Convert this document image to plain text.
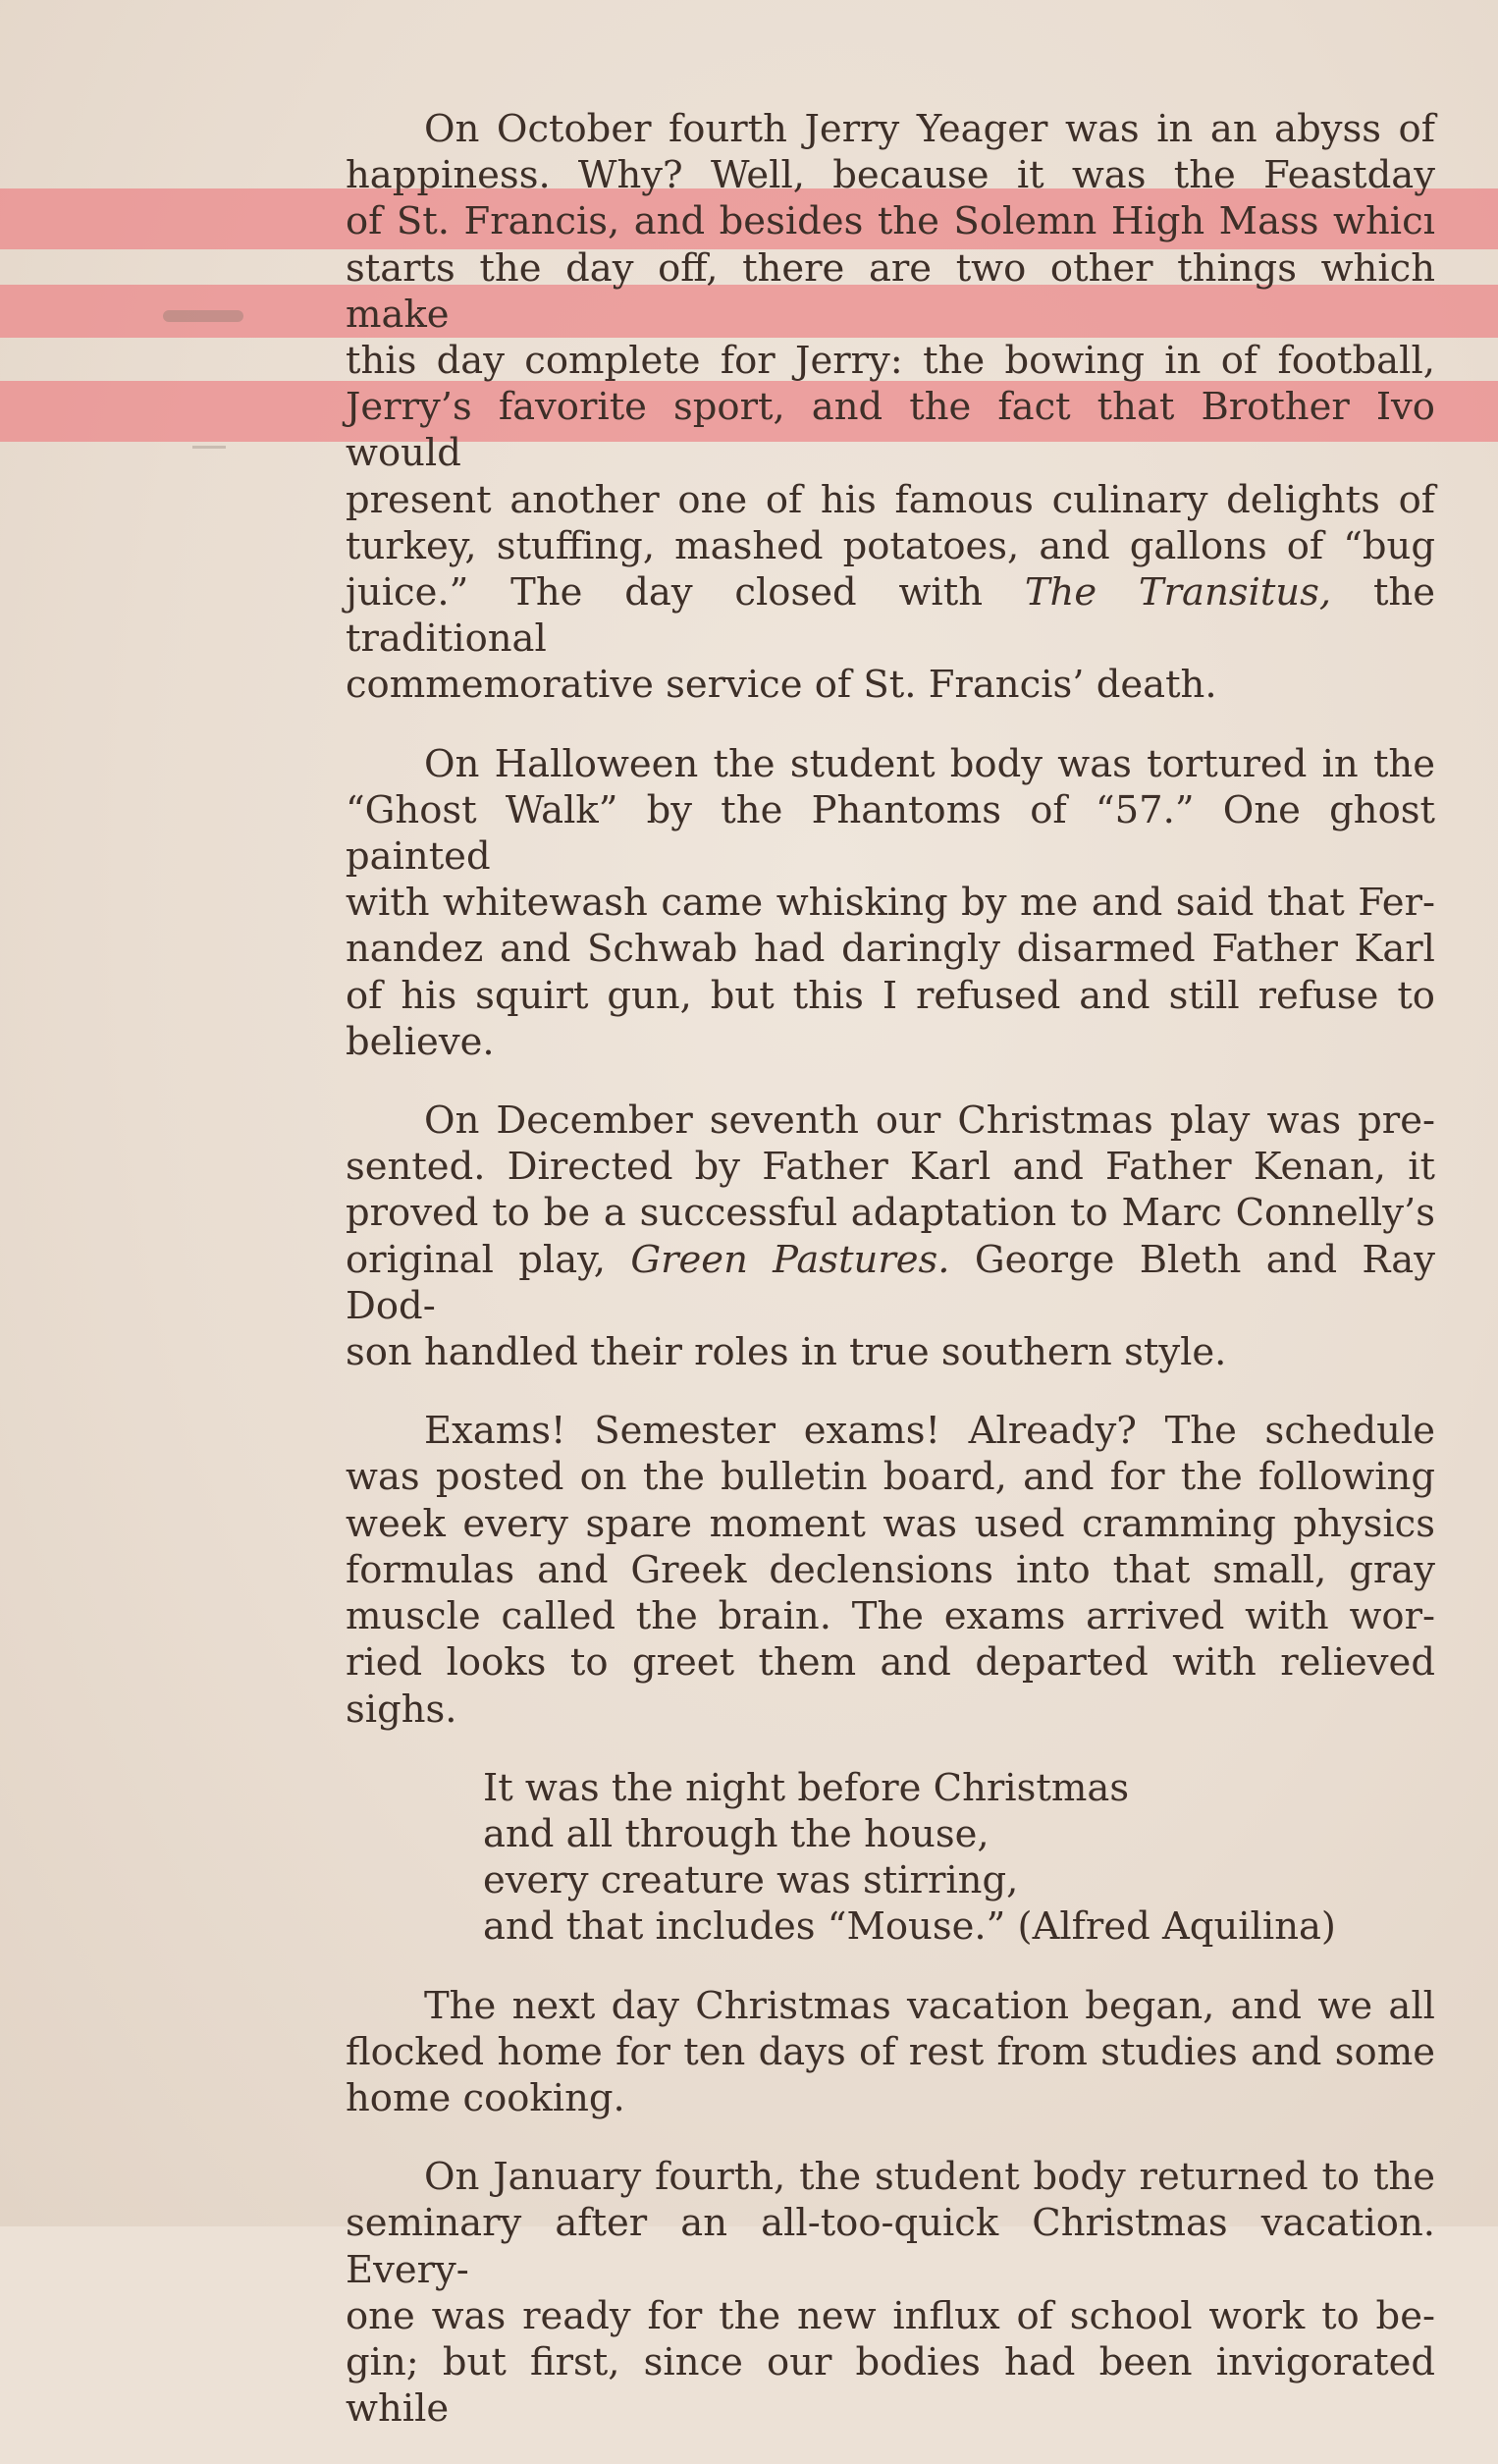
On October fourth Jerry Yeager was in an abyss of
happiness. Why? Well, because it was the Feastday
of St. Francis, and besides the Solemn High Mass whicı
starts the day off, there are two other things which make
this day complete for Jerry: the bowing in of football,
Jerry’s favorite sport, and the fact that Brother Ivo would
present another one of his famous culinary delights of
turkey, stuffing, mashed potatoes, and gallons of “bug
juice.” The day closed with The Transitus, the traditional
commemorative service of St. Francis’ death.

On Halloween the student body was tortured in the
“Ghost Walk” by the Phantoms of “57.” One ghost painted
with whitewash came whisking by me and said that Fer-
nandez and Schwab had daringly disarmed Father Karl
of his squirt gun, but this I refused and still refuse to
believe.

On December seventh our Christmas play was pre-
sented. Directed by Father Karl and Father Kenan, it
proved to be a successful adaptation to Marc Connelly’s
original play, Green Pastures. George Bleth and Ray Dod-
son handled their roles in true southern style.

Exams! Semester exams! Already? The schedule
was posted on the bulletin board, and for the following
week every spare moment was used cramming physics
formulas and Greek declensions into that small, gray
muscle called the brain. The exams arrived with wor-
ried looks to greet them and departed with relieved sighs.

It was the night before Christmas
and all through the house,
every creature was stirring,
and that includes “Mouse.” (Alfred Aquilina)

The next day Christmas vacation began, and we all
flocked home for ten days of rest from studies and some
home cooking.

On January fourth, the student body returned to the
seminary after an all-too-quick Christmas vacation. Every-
one was ready for the new influx of school work to be-
gin; but first, since our bodies had been invigorated while
